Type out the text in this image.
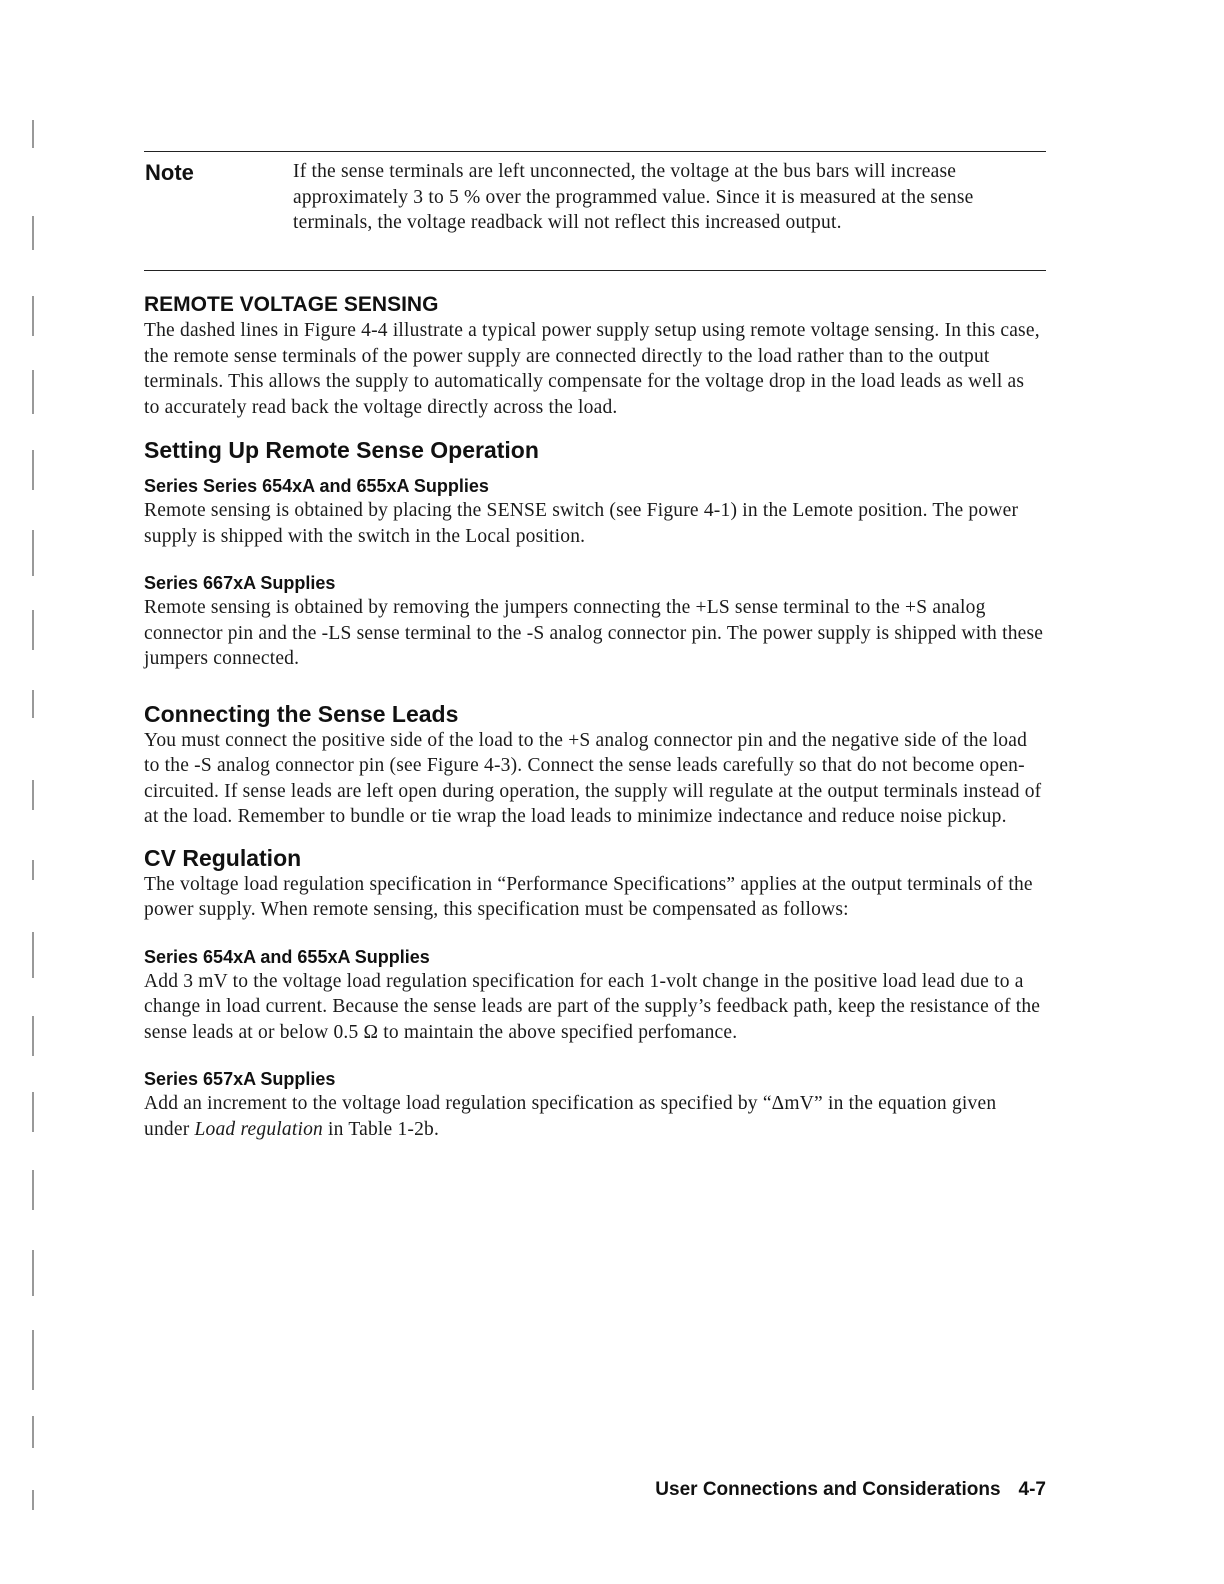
Note	If the sense terminals are left unconnected, the voltage at the bus bars will increase approximately 3 to 5 % over the programmed value. Since it is measured at the sense terminals, the voltage readback will not reflect this increased output.

REMOTE VOLTAGE SENSING

The dashed lines in Figure 4-4 illustrate a typical power supply setup using remote voltage sensing. In this case, the remote sense terminals of the power supply are connected directly to the load rather than to the output terminals. This allows the supply to automatically compensate for the voltage drop in the load leads as well as to accurately read back the voltage directly across the load.

Setting Up Remote Sense Operation
Series Series 654xA and 655xA Supplies

Remote sensing is obtained by placing the SENSE switch (see Figure 4-1) in the Lemote position. The power supply is shipped with the switch in the Local position.

Series 667xA Supplies

Remote sensing is obtained by removing the jumpers connecting the +LS sense terminal to the +S analog connector pin and the -LS sense terminal to the -S analog connector pin. The power supply is shipped with these jumpers connected.

Connecting the Sense Leads

You must connect the positive side of the load to the +S analog connector pin and the negative side of the load to the -S analog connector pin (see Figure 4-3). Connect the sense leads carefully so that do not become open-circuited. If sense leads are left open during operation, the supply will regulate at the output terminals instead of at the load. Remember to bundle or tie wrap the load leads to minimize indectance and reduce noise pickup.

CV Regulation

The voltage load regulation specification in “Performance Specifications” applies at the output terminals of the power supply. When remote sensing, this specification must be compensated as follows:

Series 654xA and 655xA Supplies

Add 3 mV to the voltage load regulation specification for each 1-volt change in the positive load lead due to a change in load current. Because the sense leads are part of the supply’s feedback path, keep the resistance of the sense leads at or below 0.5 Ω to maintain the above specified perfomance.

Series 657xA Supplies

Add an increment to the voltage load regulation specification as specified by “ΔmV” in the equation given under Load regulation in Table 1-2b.

User Connections and Considerations 4-7
